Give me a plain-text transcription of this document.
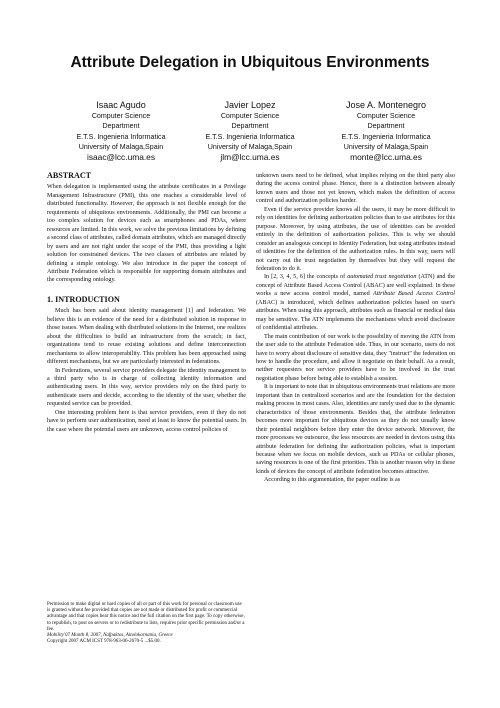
Attribute Delegation in Ubiquitous Environments
Isaac Agudo
Computer Science
Department
E.T.S. Ingenieria Informatica
University of Malaga,Spain
isaac@lcc.uma.es
Javier Lopez
Computer Science
Department
E.T.S. Ingenieria Informatica
University of Malaga,Spain
jlm@lcc.uma.es
Jose A. Montenegro
Computer Science
Department
E.T.S. Ingenieria Informatica
University of Malaga,Spain
monte@lcc.uma.es
ABSTRACT

When delegation is implemented using the attribute certificates in a Privilege Management Infrastructure (PMI), this one reaches a considerable level of distributed functionality. However, the approach is not flexible enough for the requirements of ubiquitous environments. Additionally, the PMI can become a too complex solution for devices such as smartphones and PDAs, where resources are limited. In this work, we solve the previous limitations by defining a second class of attributes, called domain attributes, which are managed directly by users and are not right under the scope of the PMI, thus providing a light solution for constrained devices. The two classes of attributes are related by defining a simple ontology. We also introduce in the paper the concept of Attribute Federation which is responsible for supporting domain attributes and the corresponding ontology.

1. INTRODUCTION

Much has been said about identity management [1] and federation. We believe this is an evidence of the need for a distributed solution in response to those issues. When dealing with distributed solutions in the Internet, one realizes about the difficulties to build an infrastructure from the scratch; in fact, organizations tend to reuse existing solutions and define interconnection mechanisms to allow interoperability. This problem has been approached using different mechanisms, but we are particularly interested in federations.

In Federations, several service providers delegate the identity management to a third party who is in charge of collecting identity information and authenticating users. In this way, service providers rely on the third party to authenticate users and decide, according to the identity of the user, whether the requested service can be provided.

One interesting problem here is that service providers, even if they do not have to perform user authentication, need at least to know the potential users. In the case where the potential users are unknown, access control policies of

Permission to make digital or hard copies of all or part of this work for personal or classroom use is granted without fee provided that copies are not made or distributed for profit or commercial advantage and that copies bear this notice and the full citation on the first page. To copy otherwise, to republish, to post on servers or to redistribute to lists, requires prior specific permission and/or a fee.

Mobility'07 Month 8, 2007, Nafpaktos, Aitolokarnania, Greece

Copyright 2007 ACM ICST 978-963-06-2670-5 ...$5.00.

unknown users need to be defined, what implies relying on the third party also during the access control phase. Hence, there is a distinction between already known users and those not yet known, which makes the definition of access control and authorization policies harder.

Even if the service provider knows all the users, it may be more difficult to rely on identities for defining authorization policies than to use attributes for this purpose. Moreover, by using attributes, the use of identities can be avoided entirely in the definition of authorization policies. This is why we should consider an analogous concept to Identity Federation, but using attributes instead of identities for the definition of the authorization rules. In this way, users will not carry out the trust negotiation by themselves but they will request the federation to do it.

In [2, 3, 4, 5, 6] the concepts of automated trust negotiation (ATN) and the concept of Attribute Based Access Control (ABAC) are well explained. In these works a new access control model, named Attribute Based Access Control (ABAC) is introduced, which defines authorization policies based on user's attributes. When using this approach, attributes such as financial or medical data may be sensitive. The ATN implements the mechanisms which avoid disclosure of confidential attributes.

The main contribution of our work is the possibility of moving the ATN from the user side to the attribute Federation side. Thus, in our scenario, users do not have to worry about disclosure of sensitive data, they "instruct" the federation on how to handle the procedure, and allow it negotiate on their behalf. As a result, neither requesters nor service providers have to be involved in the trust negotiation phase before being able to establish a session.

It is important to note that in ubiquitous environments trust relations are more important than in centralized scenarios and are the foundation for the decision making process in most cases. Also, identities are rarely used due to the dynamic characteristics of those environments. Besides that, the attribute federation becomes more important for ubiquitous devices as they do not usually know their potential neighbors before they enter the device network. Moreover, the more processes we outsource, the less resources are needed in devices using this attribute federation for defining the authorization policies, what is important because when we focus on mobile devices, such as PDAs or cellular phones, saving resources is one of the first priorities. This is another reason why in these kinds of devices the concept of attribute federation becomes attractive.

According to this argumentation, the paper outline is as
